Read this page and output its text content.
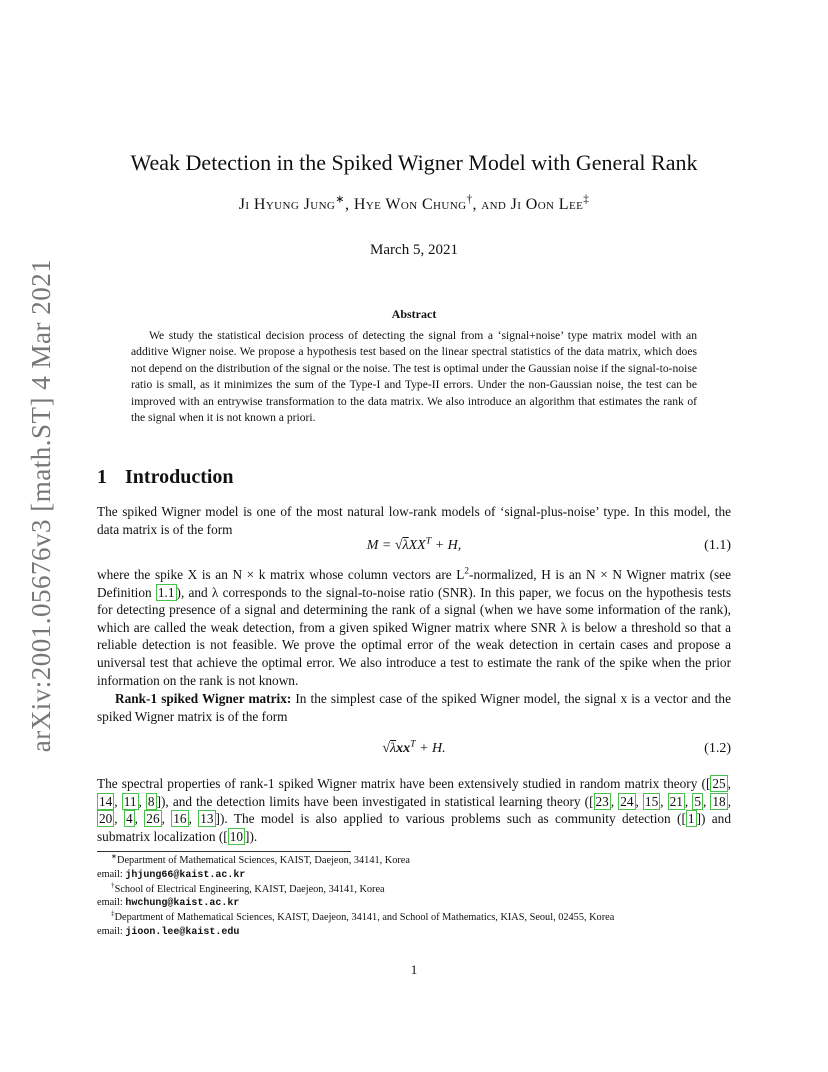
arXiv:2001.05676v3 [math.ST] 4 Mar 2021
Weak Detection in the Spiked Wigner Model with General Rank
Ji Hyung Jung∗, Hye Won Chung†, and Ji Oon Lee‡
March 5, 2021
Abstract
We study the statistical decision process of detecting the signal from a ‘signal+noise’ type matrix model with an additive Wigner noise. We propose a hypothesis test based on the linear spectral statistics of the data matrix, which does not depend on the distribution of the signal or the noise. The test is optimal under the Gaussian noise if the signal-to-noise ratio is small, as it minimizes the sum of the Type-I and Type-II errors. Under the non-Gaussian noise, the test can be improved with an entrywise transformation to the data matrix. We also introduce an algorithm that estimates the rank of the signal when it is not known a priori.
1 Introduction
The spiked Wigner model is one of the most natural low-rank models of ‘signal-plus-noise’ type. In this model, the data matrix is of the form
M = √λXX$^T$ + H,	(1.1)
where the spike X is an N × k matrix whose column vectors are $L^2$-normalized, H is an N × N Wigner matrix (see Definition 1.1 ), and λ corresponds to the signal-to-noise ratio (SNR). In this paper, we focus on the hypothesis tests for detecting presence of a signal and determining the rank of a signal (when we have some information of the rank), which are called the weak detection, from a given spiked Wigner matrix where SNR λ is below a threshold so that a reliable detection is not feasible. We prove the optimal error of the weak detection in certain cases and propose a universal test that achieve the optimal error. We also introduce a test to estimate the rank of the spike when the prior information on the rank is not known.
Rank-1 spiked Wigner matrix: In the simplest case of the spiked Wigner model, the signal x is a vector and the spiked Wigner matrix is of the form
√λxx$^T$ + H.	(1.2)
The spectral properties of rank-1 spiked Wigner matrix have been extensively studied in random matrix theory ([ 25 , 14 , 11 , 8 ]), and the detection limits have been investigated in statistical learning theory ([ 23 , 24 , 15 , 21 , 5 , 18 , 20 , 4 , 26 , 16 , 13 ]). The model is also applied to various problems such as community detection ([ 1 ]) and submatrix localization ([ 10 ]).
∗Department of Mathematical Sciences, KAIST, Daejeon, 34141, Korea
email: jhjung66@kaist.ac.kr
†School of Electrical Engineering, KAIST, Daejeon, 34141, Korea
email: hwchung@kaist.ac.kr
‡Department of Mathematical Sciences, KAIST, Daejeon, 34141, and School of Mathematics, KIAS, Seoul, 02455, Korea
email: jioon.lee@kaist.edu
1
